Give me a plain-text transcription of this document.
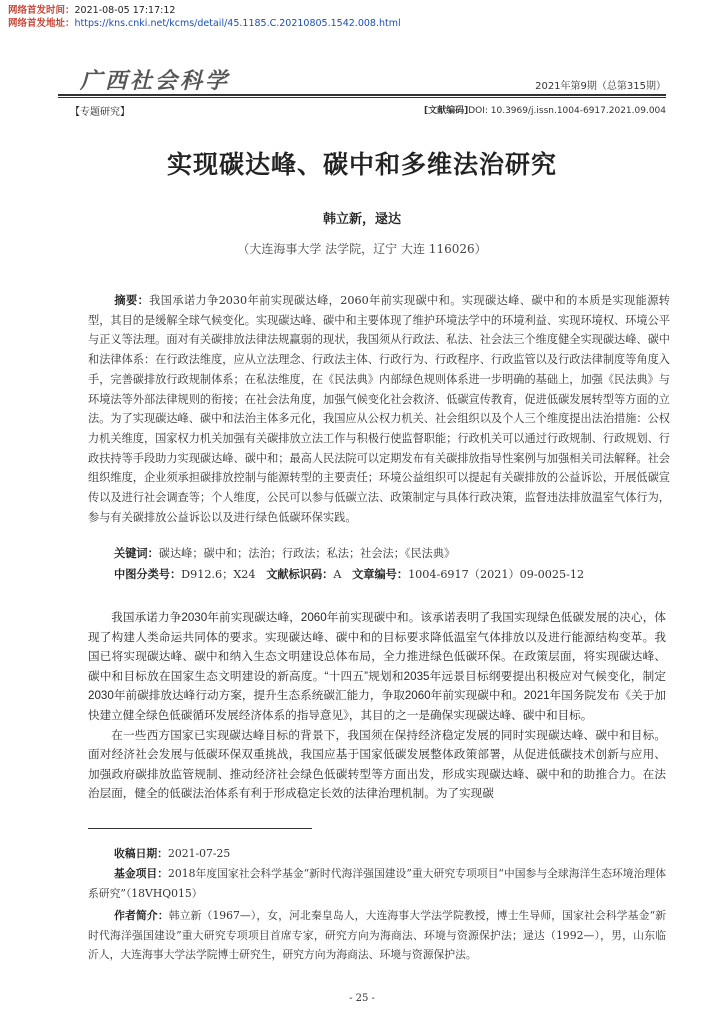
网络首发时间：2021-08-05 17:17:12
网络首发地址：https://kns.cnki.net/kcms/detail/45.1185.C.20210805.1542.008.html
广西社会科学	2021年第9期（总第315期）
【专题研究】	[文献编码]DOI: 10.3969/j.issn.1004-6917.2021.09.004
实现碳达峰、碳中和多维法治研究
韩立新，逯达
（大连海事大学 法学院，辽宁 大连 116026）
摘要：我国承诺力争2030年前实现碳达峰，2060年前实现碳中和。实现碳达峰、碳中和的本质是实现能源转型，其目的是缓解全球气候变化。实现碳达峰、碳中和主要体现了维护环境法学中的环境利益、实现环境权、环境公平与正义等法理。面对有关碳排放法律法规赢弱的现状，我国须从行政法、私法、社会法三个维度健全实现碳达峰、碳中和法律体系：在行政法维度，应从立法理念、行政法主体、行政行为、行政程序、行政监管以及行政法律制度等角度入手，完善碳排放行政规制体系；在私法维度，在《民法典》内部绿色规则体系进一步明确的基础上，加强《民法典》与环境法等外部法律规则的衔接；在社会法角度，加强气候变化社会救济、低碳宣传教育，促进低碳发展转型等方面的立法。为了实现碳达峰、碳中和法治主体多元化，我国应从公权力机关、社会组织以及个人三个维度提出法治措施：公权力机关维度，国家权力机关加强有关碳排放立法工作与积极行使监督职能；行政机关可以通过行政规制、行政规划、行政扶持等手段助力实现碳达峰、碳中和；最高人民法院可以定期发布有关碳排放指导性案例与加强相关司法解释。社会组织维度，企业须承担碳排放控制与能源转型的主要责任；环境公益组织可以提起有关碳排放的公益诉讼，开展低碳宣传以及进行社会调查等；个人维度，公民可以参与低碳立法、政策制定与具体行政决策，监督违法排放温室气体行为，参与有关碳排放公益诉讼以及进行绿色低碳环保实践。
关键词：碳达峰；碳中和；法治；行政法；私法；社会法；《民法典》
中图分类号：D912.6；X24 文献标识码：A 文章编号：1004-6917（2021）09-0025-12

我国承诺力争2030年前实现碳达峰，2060年前实现碳中和。该承诺表明了我国实现绿色低碳发展的决心，体现了构建人类命运共同体的要求。实现碳达峰、碳中和的目标要求降低温室气体排放以及进行能源结构变革。我国已将实现碳达峰、碳中和纳入生态文明建设总体布局，全力推进绿色低碳环保。在政策层面，将实现碳达峰、碳中和目标放在国家生态文明建设的新高度。“十四五”规划和2035年远景目标纲要提出积极应对气候变化，制定2030年前碳排放达峰行动方案，提升生态系统碳汇能力，争取2060年前实现碳中和。2021年国务院发布《关于加快建立健全绿色低碳循环发展经济体系的指导意见》，其目的之一是确保实现碳达峰、碳中和目标。

在一些西方国家已实现碳达峰目标的背景下，我国须在保持经济稳定发展的同时实现碳达峰、碳中和目标。面对经济社会发展与低碳环保双重挑战，我国应基于国家低碳发展整体政策部署，从促进低碳技术创新与应用、加强政府碳排放监管规制、推动经济社会绿色低碳转型等方面出发，形成实现碳达峰、碳中和的助推合力。在法治层面，健全的低碳法治体系有利于形成稳定长效的法律治理机制。为了实现碳

收稿日期：2021-07-25
基金项目：2018年度国家社会科学基金“新时代海洋强国建设”重大研究专项项目“中国参与全球海洋生态环境治理体系研究”（18VHQ015）
作者简介：韩立新（1967—），女，河北秦皇岛人，大连海事大学法学院教授，博士生导师，国家社会科学基金“新时代海洋强国建设”重大研究专项项目首席专家，研究方向为海商法、环境与资源保护法；逯达（1992—），男，山东临沂人，大连海事大学法学院博士研究生，研究方向为海商法、环境与资源保护法。
- 25 -
